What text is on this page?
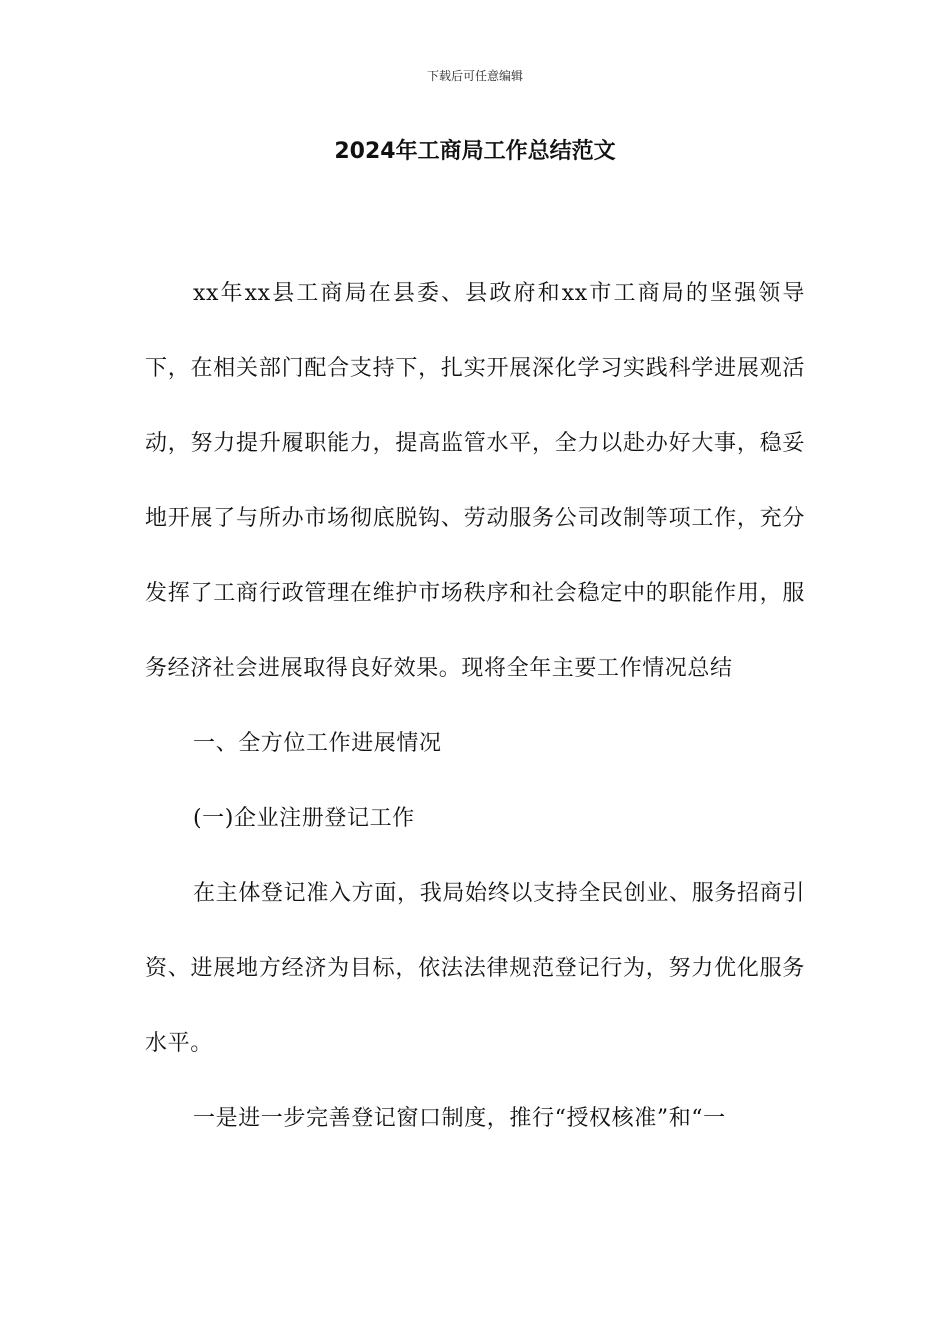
下载后可任意编辑
2024年工商局工作总结范文

xx年xx县工商局在县委、县政府和xx市工商局的坚强领导下，在相关部门配合支持下，扎实开展深化学习实践科学进展观活动，努力提升履职能力，提高监管水平，全力以赴办好大事，稳妥地开展了与所办市场彻底脱钩、劳动服务公司改制等项工作，充分发挥了工商行政管理在维护市场秩序和社会稳定中的职能作用，服务经济社会进展取得良好效果。现将全年主要工作情况总结

一、全方位工作进展情况

(一)企业注册登记工作

在主体登记准入方面，我局始终以支持全民创业、服务招商引资、进展地方经济为目标，依法法律规范登记行为，努力优化服务水平。

一是进一步完善登记窗口制度，推行“授权核准”和“一
